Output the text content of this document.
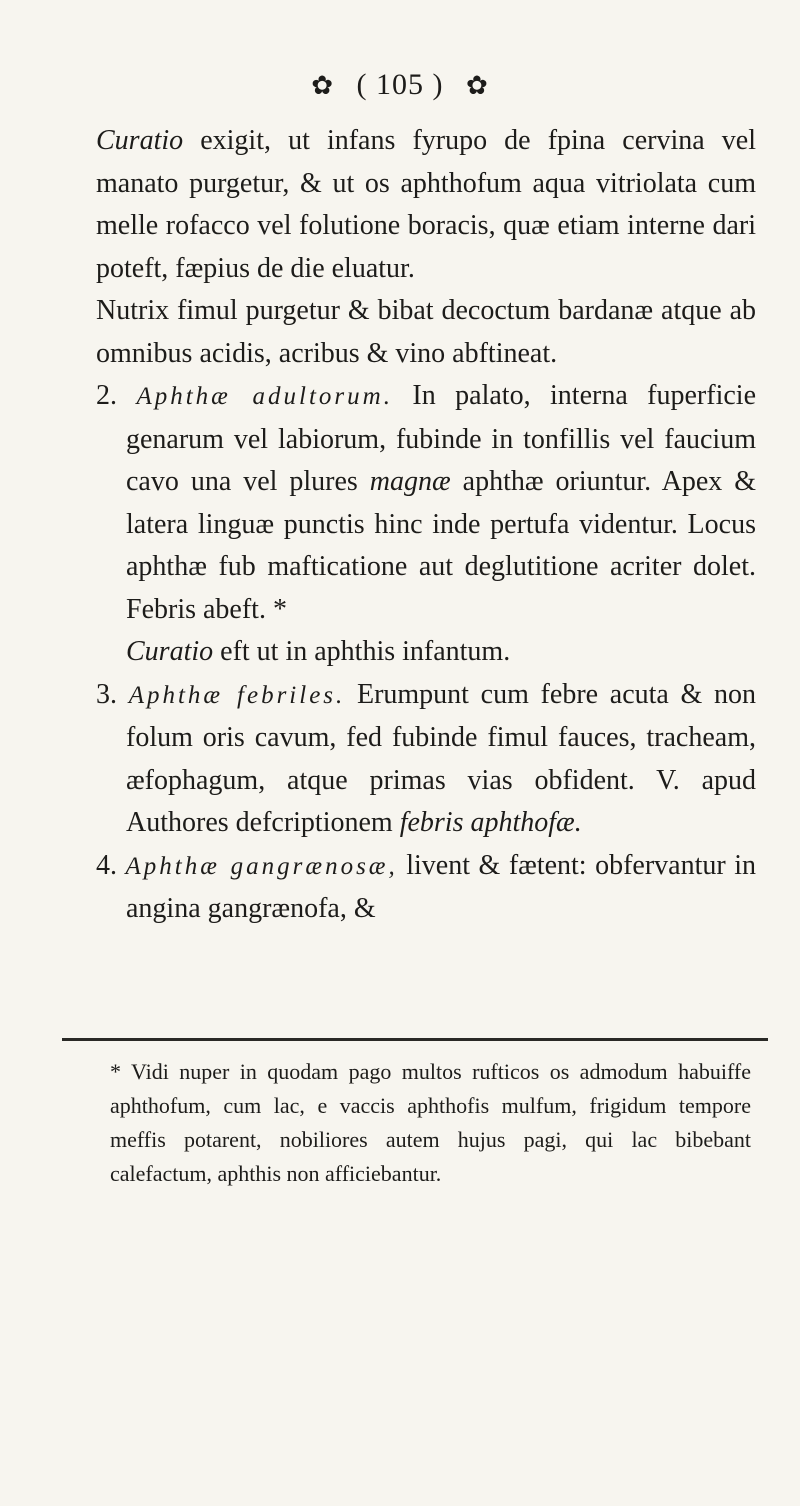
✿ ( 105 ) ✿

Curatio exigit, ut infans fyrupo de fpina cervina vel manato purgetur, & ut os aphthofum aqua vitriolata cum melle rofacco vel folutione boracis, quæ etiam interne dari poteft, fæpius de die eluatur.

Nutrix fimul purgetur & bibat decoctum bardanæ atque ab omnibus acidis, acribus & vino abftineat.

2. Aphthæ adultorum. In palato, interna fuperficie genarum vel labiorum, fubinde in tonfillis vel faucium cavo una vel plures magnæ aphthæ oriuntur. Apex & latera linguæ punctis hinc inde pertufa videntur. Locus aphthæ fub mafticatione aut deglutitione acriter dolet. Febris abeft. *

Curatio eft ut in aphthis infantum.

3. Aphthæ febriles. Erumpunt cum febre acuta & non folum oris cavum, fed fubinde fimul fauces, tracheam, æfophagum, atque primas vias obfident. V. apud Authores defcriptionem febris aphthofæ.

4. Aphthæ gangrænosæ, livent & fætent: obfervantur in angina gangrænofa, &

* Vidi nuper in quodam pago multos rufticos os admodum habuiffe aphthofum, cum lac, e vaccis aphthofis mulfum, frigidum tempore meffis potarent, nobiliores autem hujus pagi, qui lac bibebant calefactum, aphthis non afficiebantur.
